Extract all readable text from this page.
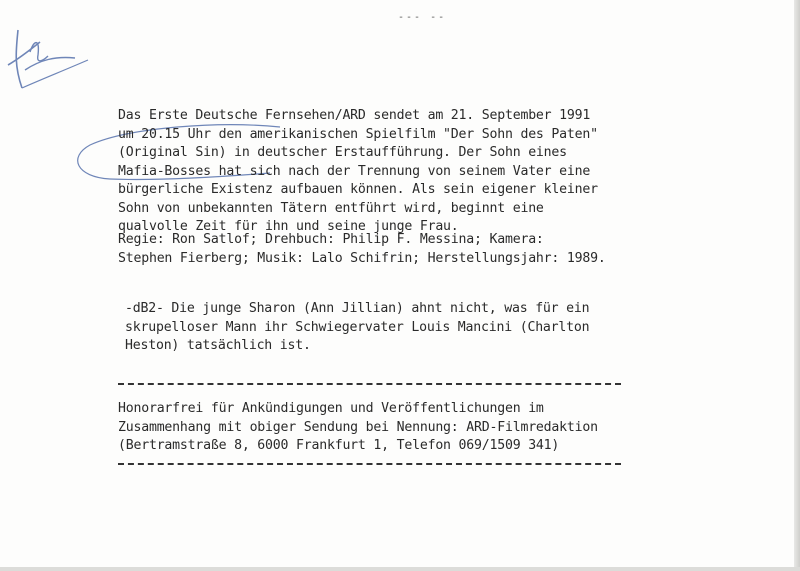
--- --
Das Erste Deutsche Fernsehen/ARD sendet am 21. September 1991
um 20.15 Uhr den amerikanischen Spielfilm "Der Sohn des Paten"
(Original Sin) in deutscher Erstaufführung. Der Sohn eines
Mafia-Bosses hat sich nach der Trennung von seinem Vater eine
bürgerliche Existenz aufbauen können. Als sein eigener kleiner
Sohn von unbekannten Tätern entführt wird, beginnt eine
qualvolle Zeit für ihn und seine junge Frau.
Regie: Ron Satlof; Drehbuch: Philip F. Messina; Kamera:
Stephen Fierberg; Musik: Lalo Schifrin; Herstellungsjahr: 1989.
-dB2- Die junge Sharon (Ann Jillian) ahnt nicht, was für ein
skrupelloser Mann ihr Schwiegervater Louis Mancini (Charlton
Heston) tatsächlich ist.
Honorarfrei für Ankündigungen und Veröffentlichungen im
Zusammenhang mit obiger Sendung bei Nennung: ARD-Filmredaktion
(Bertramstraße 8, 6000 Frankfurt 1, Telefon 069/1509 341)
